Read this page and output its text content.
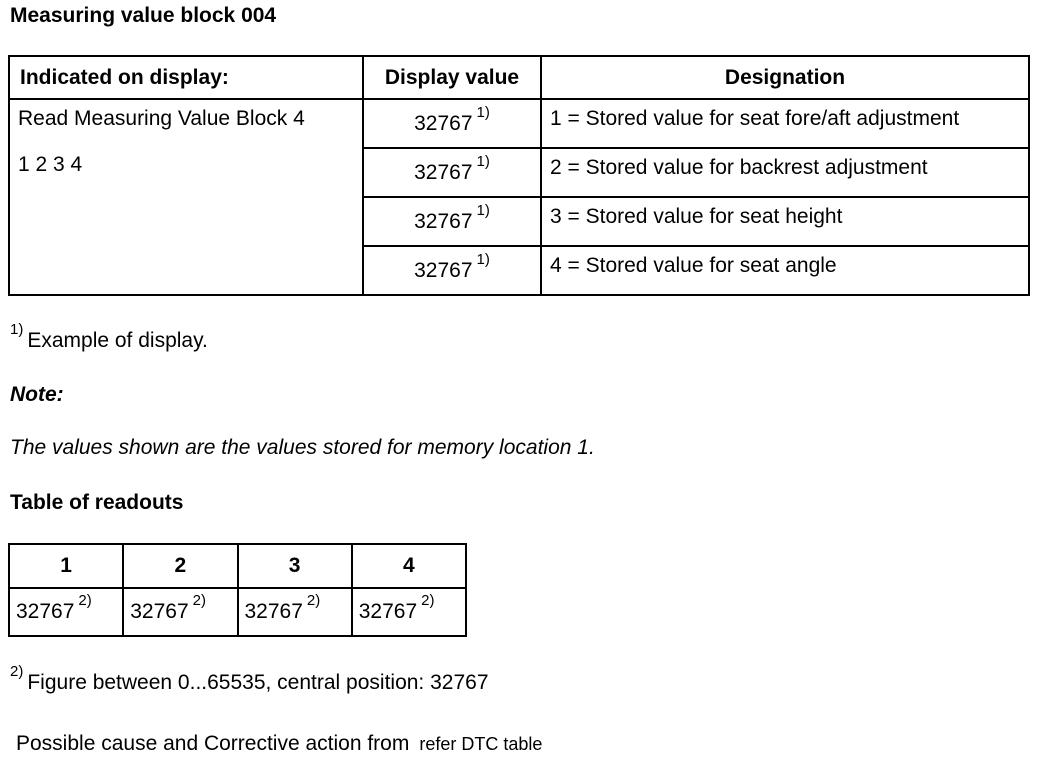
Measuring value block 004
Indicated on display:	Display value	Designation
Read Measuring Value Block 4
1 2 3 4	32767 $^{1)}$	1 = Stored value for seat fore/aft adjustment
	32767 $^{1)}$	2 = Stored value for backrest adjustment
	32767 $^{1)}$	3 = Stored value for seat height
	32767 $^{1)}$	4 = Stored value for seat angle
$^{1)}$ Example of display.
Note:
The values shown are the values stored for memory location 1.
Table of readouts
1	2	3	4
32767 $^{2)}$	32767 $^{2)}$	32767 $^{2)}$	32767 $^{2)}$
$^{2)}$ Figure between 0...65535, central position: 32767
Possible cause and Corrective action from refer DTC table
